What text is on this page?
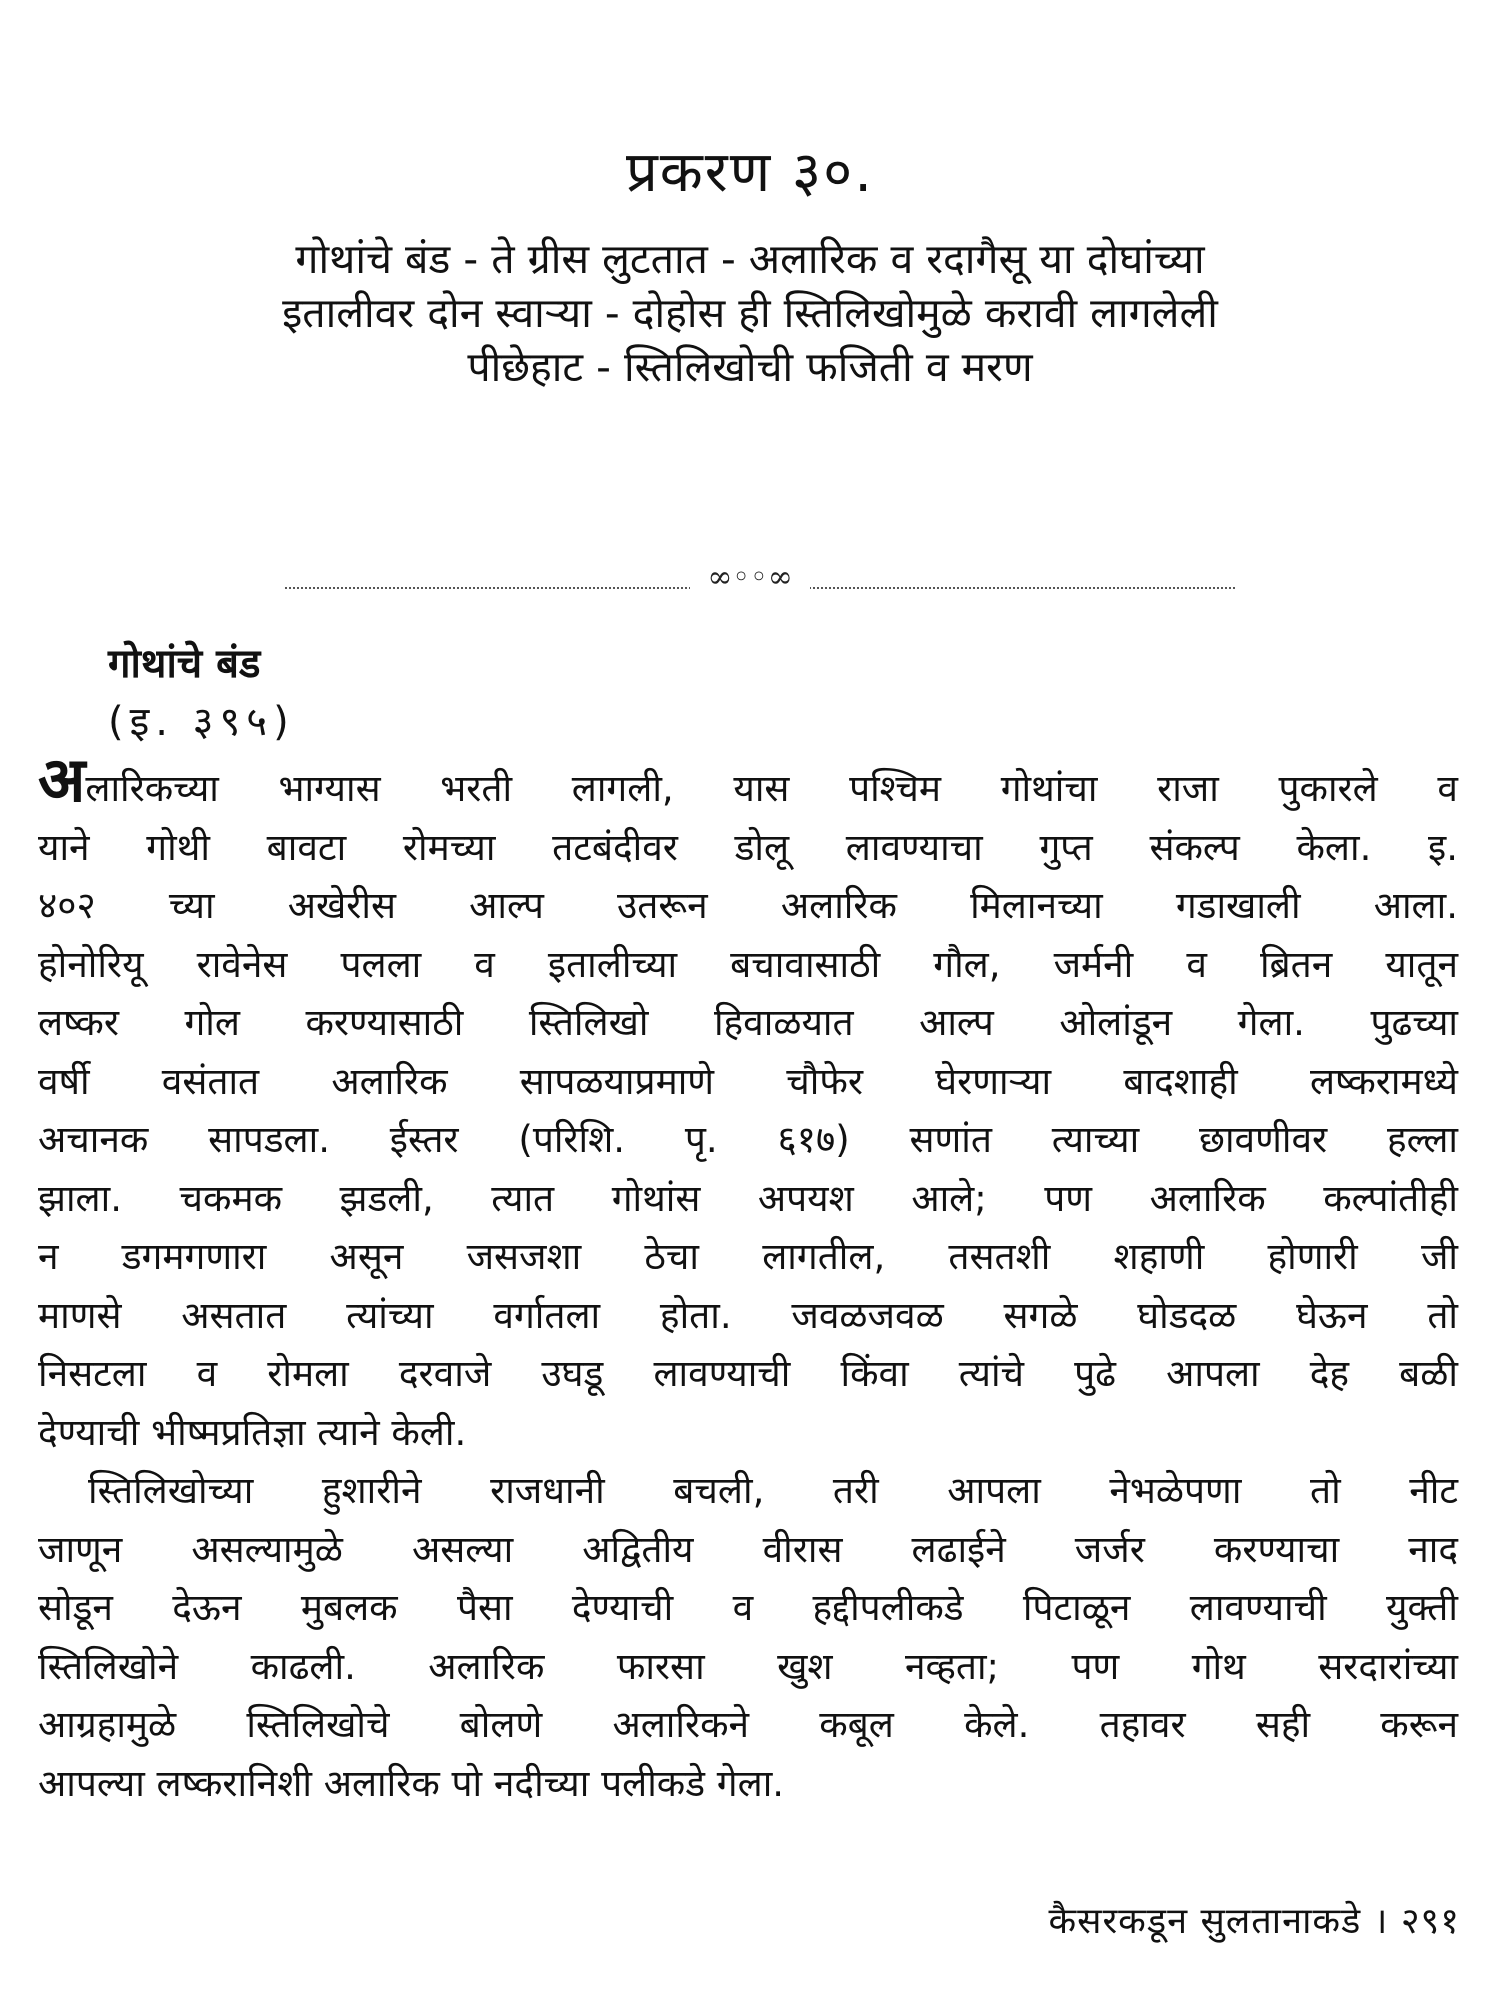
प्रकरण ३०.
गोथांचे बंड - ते ग्रीस लुटतात - अलारिक व रदागैसू या दोघांच्या
इतालीवर दोन स्वाऱ्या - दोहोस ही स्तिलिखोमुळे करावी लागलेली
पीछेहाट - स्तिलिखोची फजिती व मरण
∞◦◦∞
गोथांचे बंड
(इ. ३९५)

अलारिकच्या भाग्यास भरती लागली, यास पश्चिम गोथांचा राजा पुकारले व
याने गोथी बावटा रोमच्या तटबंदीवर डोलू लावण्याचा गुप्त संकल्प केला. इ.
४०२ च्या अखेरीस आल्प उतरून अलारिक मिलानच्या गडाखाली आला.
होनोरियू रावेनेस पलला व इतालीच्या बचावासाठी गौल, जर्मनी व ब्रितन यातून
लष्कर गोल करण्यासाठी स्तिलिखो हिवाळयात आल्प ओलांडून गेला. पुढच्या
वर्षी वसंतात अलारिक सापळयाप्रमाणे चौफेर घेरणाऱ्या बादशाही लष्करामध्ये
अचानक सापडला. ईस्तर (परिशि. पृ. ६१७) सणांत त्याच्या छावणीवर हल्ला
झाला. चकमक झडली, त्यात गोथांस अपयश आले; पण अलारिक कल्पांतीही
न डगमगणारा असून जसजशा ठेचा लागतील, तसतशी शहाणी होणारी जी
माणसे असतात त्यांच्या वर्गातला होता. जवळजवळ सगळे घोडदळ घेऊन तो
निसटला व रोमला दरवाजे उघडू लावण्याची किंवा त्यांचे पुढे आपला देह बळी
देण्याची भीष्मप्रतिज्ञा त्याने केली.

स्तिलिखोच्या हुशारीने राजधानी बचली, तरी आपला नेभळेपणा तो नीट
जाणून असल्यामुळे असल्या अद्वितीय वीरास लढाईने जर्जर करण्याचा नाद
सोडून देऊन मुबलक पैसा देण्याची व हद्दीपलीकडे पिटाळून लावण्याची युक्ती
स्तिलिखोने काढली. अलारिक फारसा खुश नव्हता; पण गोथ सरदारांच्या
आग्रहामुळे स्तिलिखोचे बोलणे अलारिकने कबूल केले. तहावर सही करून
आपल्या लष्करानिशी अलारिक पो नदीच्या पलीकडे गेला.

कैसरकडून सुलतानाकडे । २९१
